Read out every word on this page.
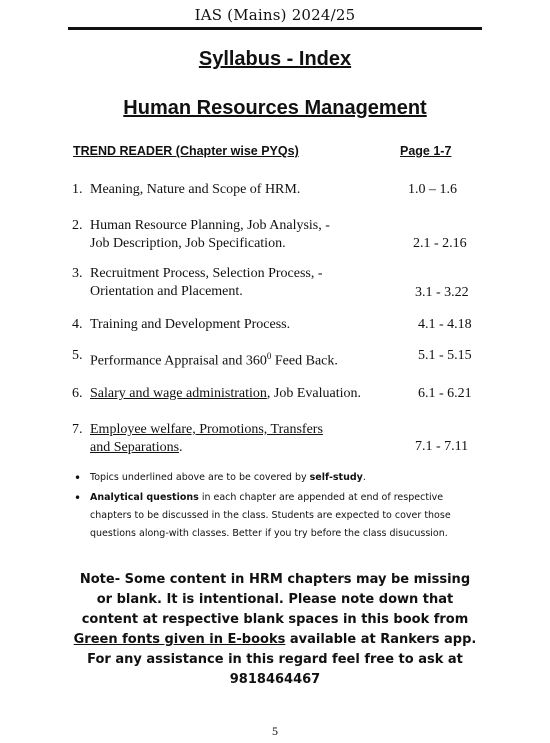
IAS (Mains) 2024/25
Syllabus - Index
Human Resources Management
TREND READER (Chapter wise PYQs)	Page 1-7
1. Meaning, Nature and Scope of HRM.	1.0 – 1.6
2. Human Resource Planning, Job Analysis, -
Job Description, Job Specification.	2.1 - 2.16
3. Recruitment Process, Selection Process, -
Orientation and Placement.	3.1 - 3.22
4. Training and Development Process.	4.1 - 4.18
5. Performance Appraisal and $360^0$ Feed Back.	5.1 - 5.15
6. Salary and wage administration, Job Evaluation.	6.1 - 6.21
7. Employee welfare, Promotions, Transfers
and Separations.	7.1 - 7.11
• Topics underlined above are to be covered by self-study.
• Analytical questions in each chapter are appended at end of respective chapters to be discussed in the class. Students are expected to cover those questions along-with classes. Better if you try before the class disucussion.
Note- Some content in HRM chapters may be missing
or blank. It is intentional. Please note down that
content at respective blank spaces in this book from
Green fonts given in E-books available at Rankers app.
For any assistance in this regard feel free to ask at
9818464467
5
